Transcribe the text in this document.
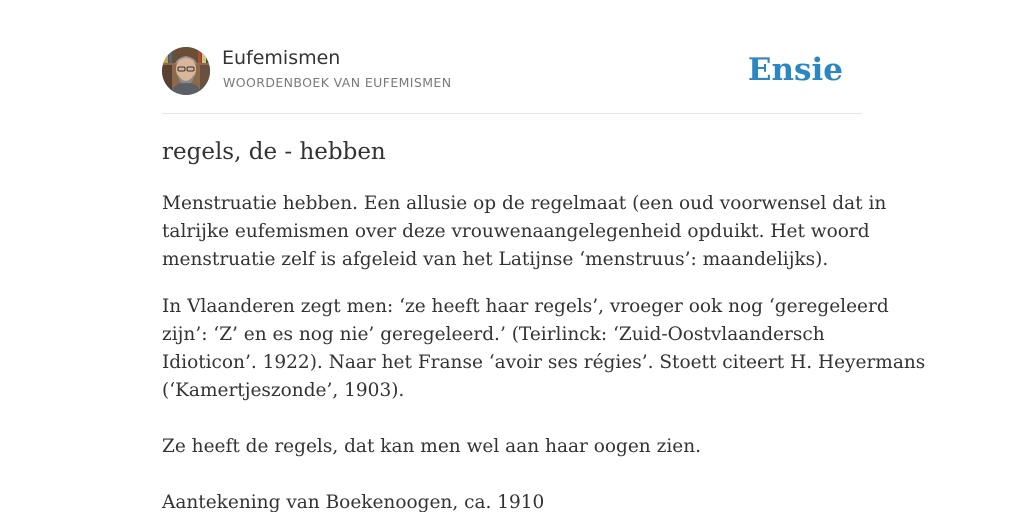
Eufemismen
WOORDENBOEK VAN EUFEMISMEN	Ensie
regels, de - hebben

Menstruatie hebben. Een allusie op de regelmaat (een oud voorwensel dat in
talrijke eufemismen over deze vrouwenaangelegenheid opduikt. Het woord
menstruatie zelf is afgeleid van het Latijnse ‘menstruus’: maandelijks).

In Vlaanderen zegt men: ‘ze heeft haar regels’, vroeger ook nog ‘geregeleerd
zijn’: ‘Z’ en es nog nie’ geregeleerd.’ (Teirlinck: ‘Zuid-Oostvlaandersch
Idioticon’. 1922). Naar het Franse ‘avoir ses régies’. Stoett citeert H. Heyermans
(‘Kamertjeszonde’, 1903).

Ze heeft de regels, dat kan men wel aan haar oogen zien.

Aantekening van Boekenoogen, ca. 1910
